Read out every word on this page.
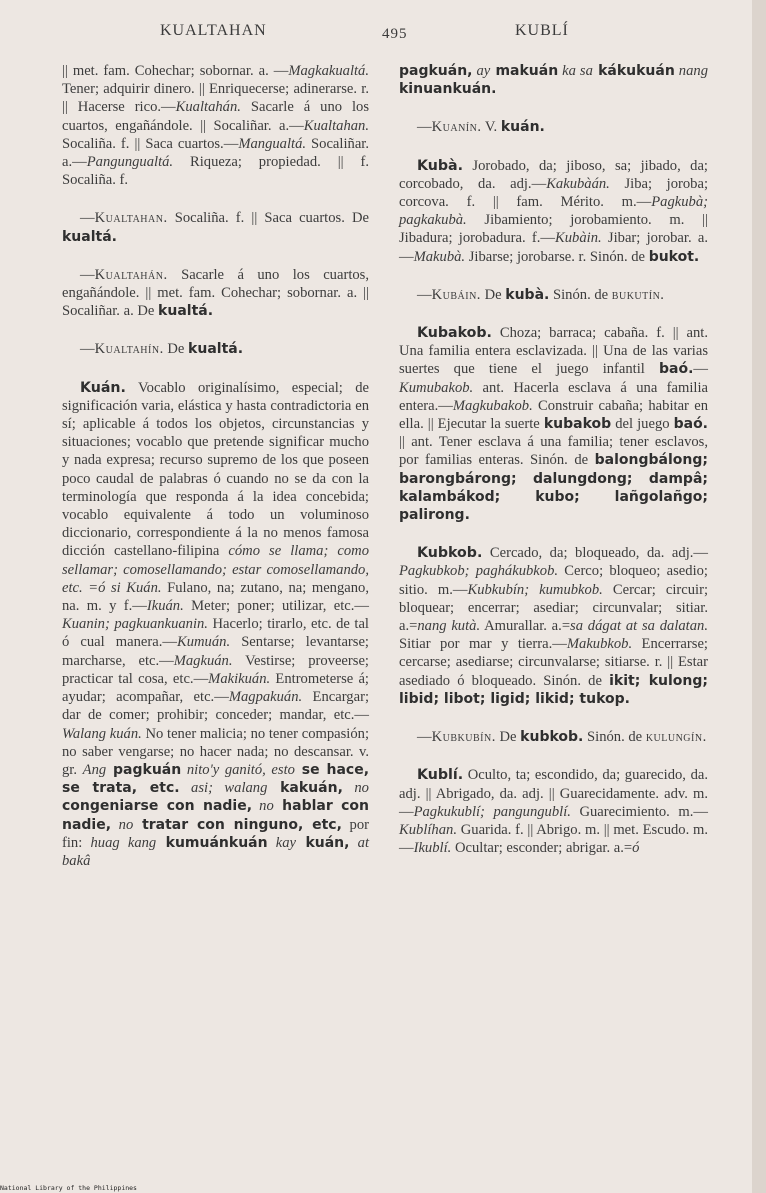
KUALTAHAN	495	KUBLÍ

|| met. fam. Cohechar; sobornar. a. —Magkakualtá. Tener; adquirir dinero. || Enriquecerse; adinerarse. r. || Hacerse rico.—Kualtahán. Sacarle á uno los cuartos, engañándole. || Socaliñar. a.—Kualtahan. Socaliña. f. || Saca cuartos.—Mangualtá. Socaliñar. a.—Pangungualtá. Riqueza; propiedad. || f. Socaliña. f.

—Kualtahan. Socaliña. f. || Saca cuartos. De kualtá.

—Kualtahán. Sacarle á uno los cuartos, engañándole. || met. fam. Cohechar; sobornar. a. || Socaliñar. a. De kualtá.

—Kualtahín. De kualtá.

Kuán. Vocablo originalísimo, especial; de significación varia, elástica y hasta contradictoria en sí; aplicable á todos los objetos, circunstancias y situaciones; vocablo que pretende significar mucho y nada expresa; recurso supremo de los que poseen poco caudal de palabras ó cuando no se da con la terminología que responda á la idea concebida; vocablo equivalente á todo un voluminoso diccionario, correspondiente á la no menos famosa dicción castellano-filipina cómo se llama; como sellamar; comosellamando; estar comosellamando, etc. =ó si Kuán. Fulano, na; zutano, na; mengano, na. m. y f.—Ikuán. Meter; poner; utilizar, etc.—Kuanin; pagkuankuanin. Hacerlo; tirarlo, etc. de tal ó cual manera.—Kumuán. Sentarse; levantarse; marcharse, etc.—Magkuán. Vestirse; proveerse; practicar tal cosa, etc.—Makikuán. Entrometerse á; ayudar; acompañar, etc.—Magpakuán. Encargar; dar de comer; prohibir; conceder; mandar, etc.—Walang kuán. No tener malicia; no tener compasión; no saber vengarse; no hacer nada; no descansar. v. gr. Ang pagkuán nito'y ganitó, esto se hace, se trata, etc. asi; walang kakuán, no congeniarse con nadie, no hablar con nadie, no tratar con ninguno, etc, por fin: huag kang kumuánkuán kay kuán, at bakâ

pagkuán, ay makuán ka sa kákukuán nang kinuankuán.

—Kuanín. V. kuán.

Kubà. Jorobado, da; jiboso, sa; jibado, da; corcobado, da. adj.—Kakubàán. Jiba; joroba; corcova. f. || fam. Mérito. m.—Pagkubà; pagkakubà. Jibamiento; jorobamiento. m. || Jibadura; jorobadura. f.—Kubàin. Jibar; jorobar. a.—Makubà. Jibarse; jorobarse. r. Sinón. de bukot.

—Kubáin. De kubà. Sinón. de bukutín.

Kubakob. Choza; barraca; cabaña. f. || ant. Una familia entera esclavizada. || Una de las varias suertes que tiene el juego infantil baó.—Kumubakob. ant. Hacerla esclava á una familia entera.—Magkubakob. Construir cabaña; habitar en ella. || Ejecutar la suerte kubakob del juego baó. || ant. Tener esclava á una familia; tener esclavos, por familias enteras. Sinón. de balongbálong; barongbárong; dalungdong; dampâ; kalambákod; kubo; lañgolañgo; palirong.

Kubkob. Cercado, da; bloqueado, da. adj.—Pagkubkob; paghákubkob. Cerco; bloqueo; asedio; sitio. m.—Kubkubín; kumubkob. Cercar; circuir; bloquear; encerrar; asediar; circunvalar; sitiar. a.=nang kutà. Amurallar. a.=sa dágat at sa dalatan. Sitiar por mar y tierra.—Makubkob. Encerrarse; cercarse; asediarse; circunvalarse; sitiarse. r. || Estar asediado ó bloqueado. Sinón. de ikit; kulong; libid; libot; ligid; likid; tukop.

—Kubkubín. De kubkob. Sinón. de kulungín.

Kublí. Oculto, ta; escondido, da; guarecido, da. adj. || Abrigado, da. adj. || Guarecidamente. adv. m.—Pagkukublí; pangungublí. Guarecimiento. m.—Kublíhan. Guarida. f. || Abrigo. m. || met. Escudo. m.—Ikublí. Ocultar; esconder; abrigar. a.=ó

National Library of the Philippines
